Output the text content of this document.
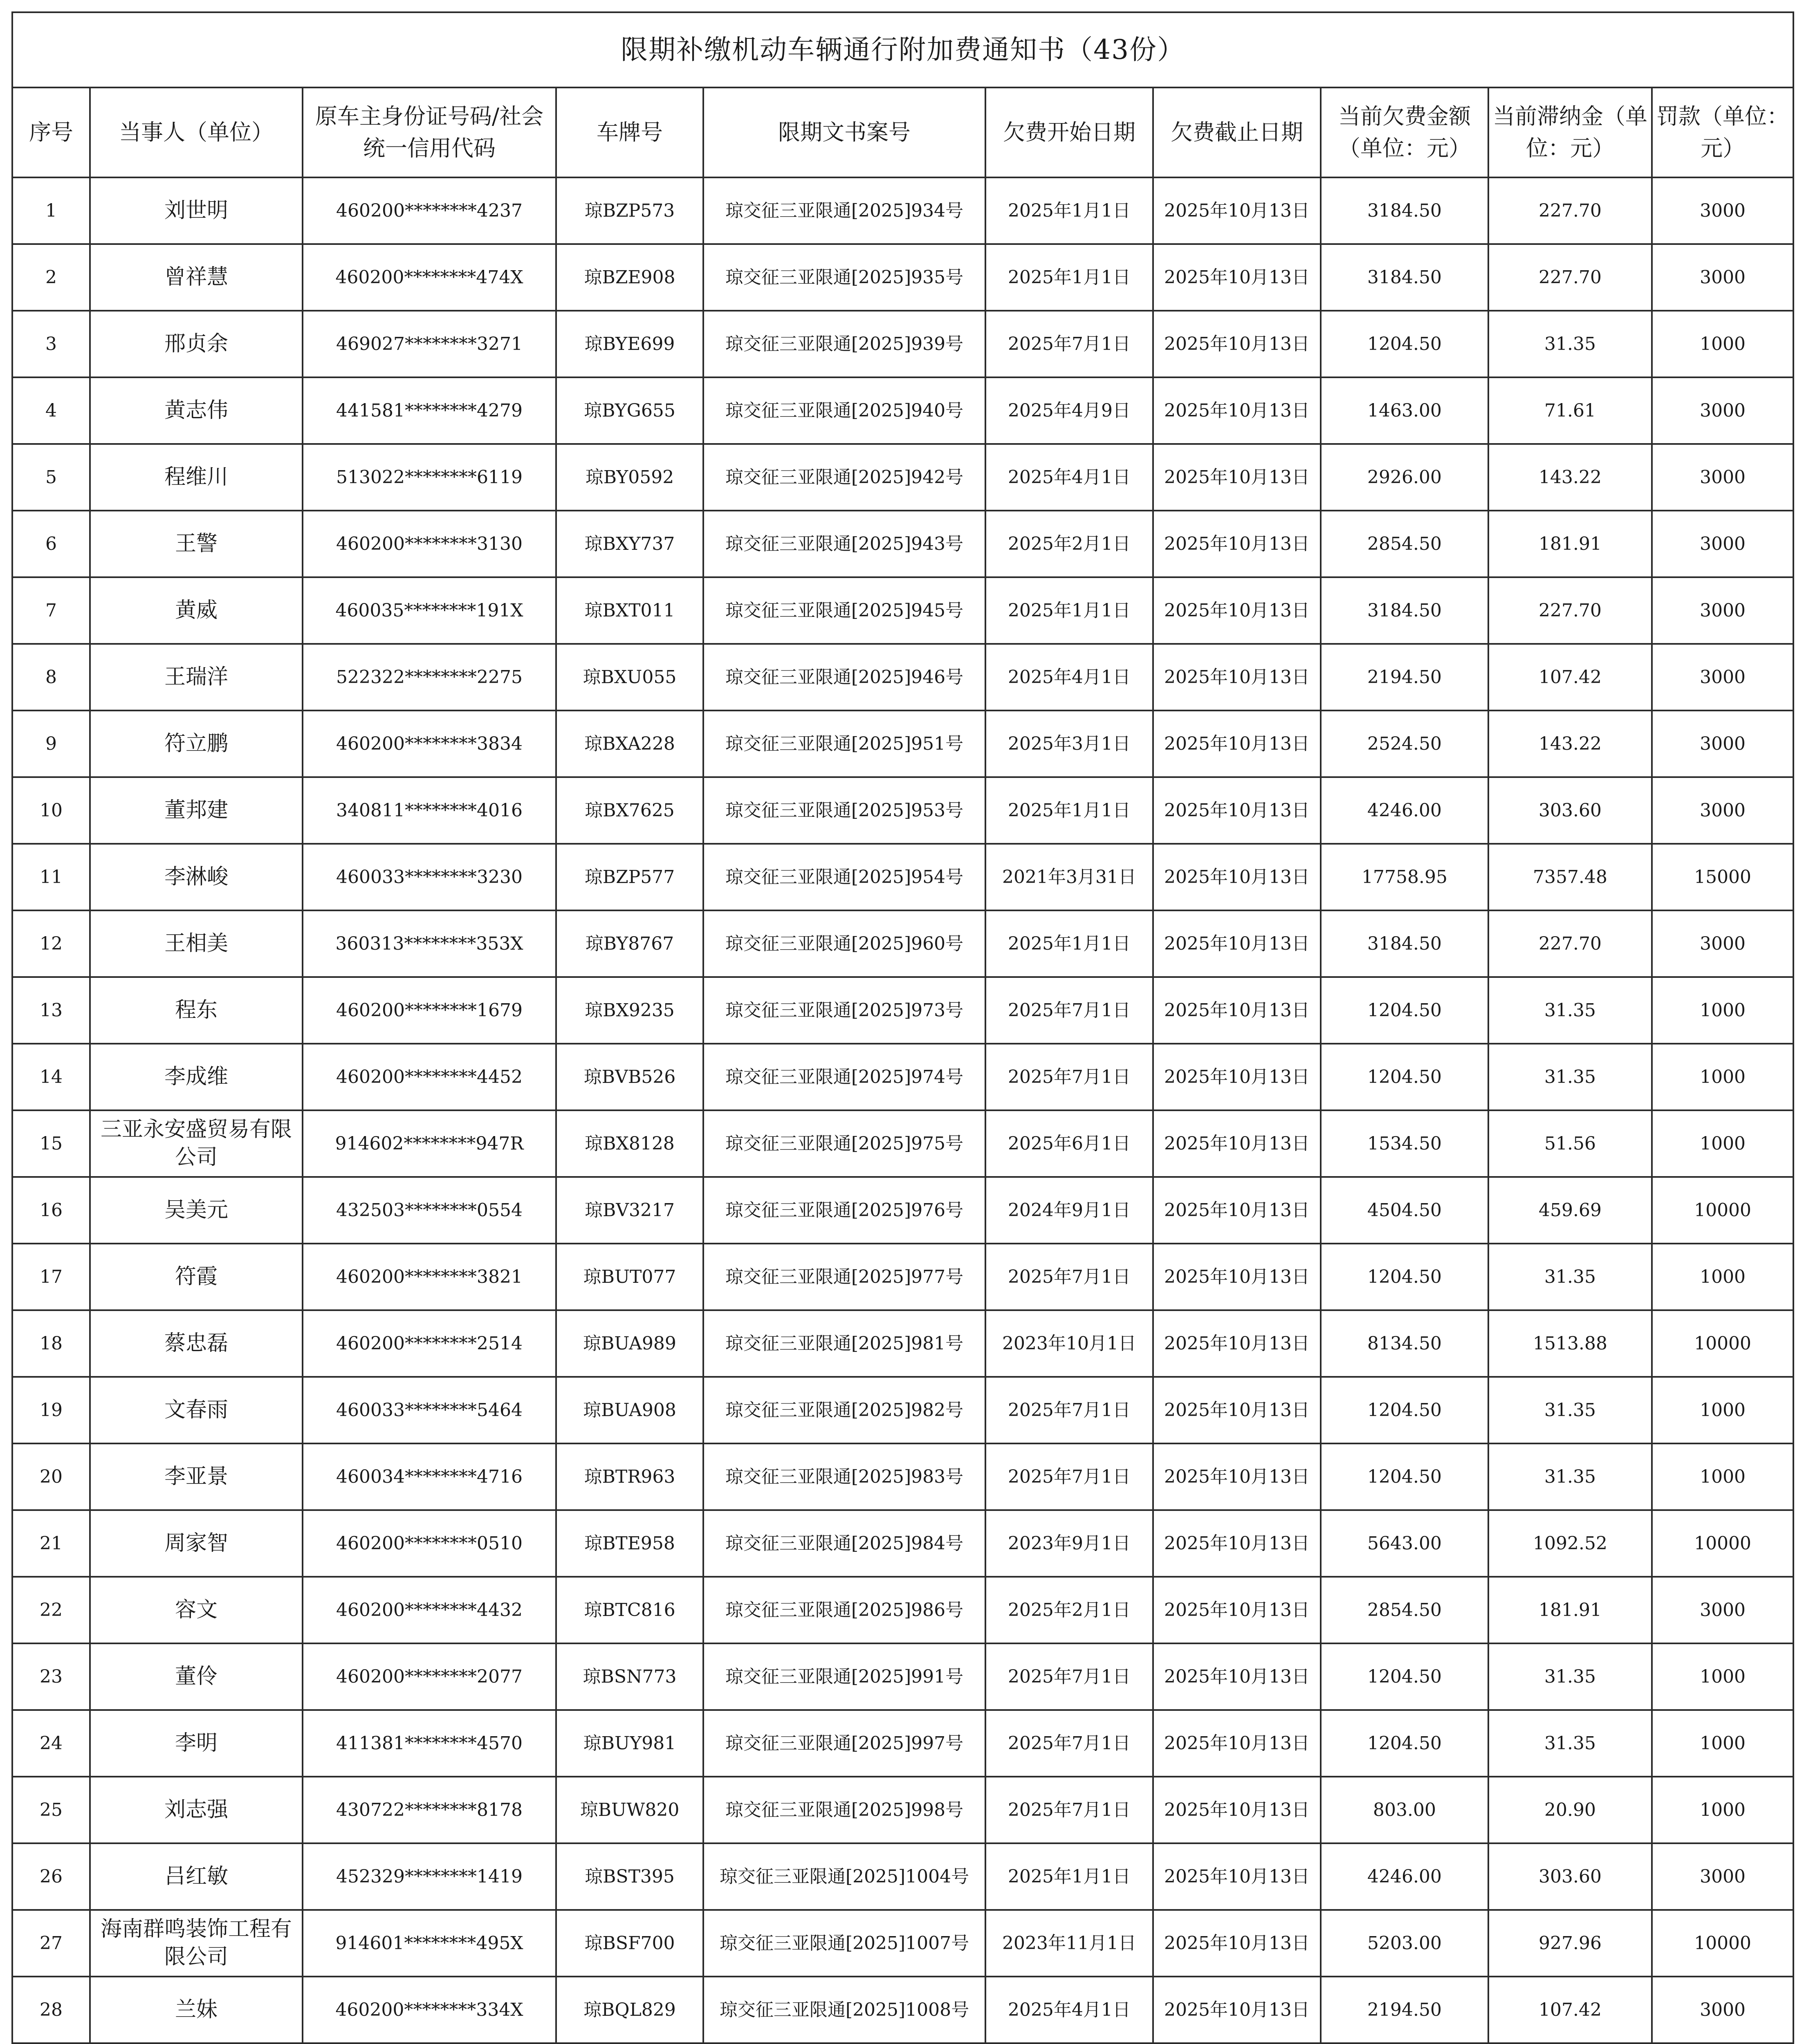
限期补缴机动车辆通行附加费通知书（43份）									
序号	当事人（单位）	原车主身份证号码/社会统一信用代码	车牌号	限期文书案号	欠费开始日期	欠费截止日期	当前欠费金额（单位：元）	当前滞纳金（单位：元）	罚款（单位：元）
1	刘世明	460200********4237	琼BZP573	琼交征三亚限通[2025]934号	2025年1月1日	2025年10月13日	3184.50	227.70	3000
2	曾祥慧	460200********474X	琼BZE908	琼交征三亚限通[2025]935号	2025年1月1日	2025年10月13日	3184.50	227.70	3000
3	邢贞余	469027********3271	琼BYE699	琼交征三亚限通[2025]939号	2025年7月1日	2025年10月13日	1204.50	31.35	1000
4	黄志伟	441581********4279	琼BYG655	琼交征三亚限通[2025]940号	2025年4月9日	2025年10月13日	1463.00	71.61	3000
5	程维川	513022********6119	琼BY0592	琼交征三亚限通[2025]942号	2025年4月1日	2025年10月13日	2926.00	143.22	3000
6	王警	460200********3130	琼BXY737	琼交征三亚限通[2025]943号	2025年2月1日	2025年10月13日	2854.50	181.91	3000
7	黄威	460035********191X	琼BXT011	琼交征三亚限通[2025]945号	2025年1月1日	2025年10月13日	3184.50	227.70	3000
8	王瑞洋	522322********2275	琼BXU055	琼交征三亚限通[2025]946号	2025年4月1日	2025年10月13日	2194.50	107.42	3000
9	符立鹏	460200********3834	琼BXA228	琼交征三亚限通[2025]951号	2025年3月1日	2025年10月13日	2524.50	143.22	3000
10	董邦建	340811********4016	琼BX7625	琼交征三亚限通[2025]953号	2025年1月1日	2025年10月13日	4246.00	303.60	3000
11	李淋峻	460033********3230	琼BZP577	琼交征三亚限通[2025]954号	2021年3月31日	2025年10月13日	17758.95	7357.48	15000
12	王相美	360313********353X	琼BY8767	琼交征三亚限通[2025]960号	2025年1月1日	2025年10月13日	3184.50	227.70	3000
13	程东	460200********1679	琼BX9235	琼交征三亚限通[2025]973号	2025年7月1日	2025年10月13日	1204.50	31.35	1000
14	李成维	460200********4452	琼BVB526	琼交征三亚限通[2025]974号	2025年7月1日	2025年10月13日	1204.50	31.35	1000
15	三亚永安盛贸易有限公司	914602********947R	琼BX8128	琼交征三亚限通[2025]975号	2025年6月1日	2025年10月13日	1534.50	51.56	1000
16	吴美元	432503********0554	琼BV3217	琼交征三亚限通[2025]976号	2024年9月1日	2025年10月13日	4504.50	459.69	10000
17	符霞	460200********3821	琼BUT077	琼交征三亚限通[2025]977号	2025年7月1日	2025年10月13日	1204.50	31.35	1000
18	蔡忠磊	460200********2514	琼BUA989	琼交征三亚限通[2025]981号	2023年10月1日	2025年10月13日	8134.50	1513.88	10000
19	文春雨	460033********5464	琼BUA908	琼交征三亚限通[2025]982号	2025年7月1日	2025年10月13日	1204.50	31.35	1000
20	李亚景	460034********4716	琼BTR963	琼交征三亚限通[2025]983号	2025年7月1日	2025年10月13日	1204.50	31.35	1000
21	周家智	460200********0510	琼BTE958	琼交征三亚限通[2025]984号	2023年9月1日	2025年10月13日	5643.00	1092.52	10000
22	容文	460200********4432	琼BTC816	琼交征三亚限通[2025]986号	2025年2月1日	2025年10月13日	2854.50	181.91	3000
23	董伶	460200********2077	琼BSN773	琼交征三亚限通[2025]991号	2025年7月1日	2025年10月13日	1204.50	31.35	1000
24	李明	411381********4570	琼BUY981	琼交征三亚限通[2025]997号	2025年7月1日	2025年10月13日	1204.50	31.35	1000
25	刘志强	430722********8178	琼BUW820	琼交征三亚限通[2025]998号	2025年7月1日	2025年10月13日	803.00	20.90	1000
26	吕红敏	452329********1419	琼BST395	琼交征三亚限通[2025]1004号	2025年1月1日	2025年10月13日	4246.00	303.60	3000
27	海南群鸣装饰工程有限公司	914601********495X	琼BSF700	琼交征三亚限通[2025]1007号	2023年11月1日	2025年10月13日	5203.00	927.96	10000
28	兰妹	460200********334X	琼BQL829	琼交征三亚限通[2025]1008号	2025年4月1日	2025年10月13日	2194.50	107.42	3000
